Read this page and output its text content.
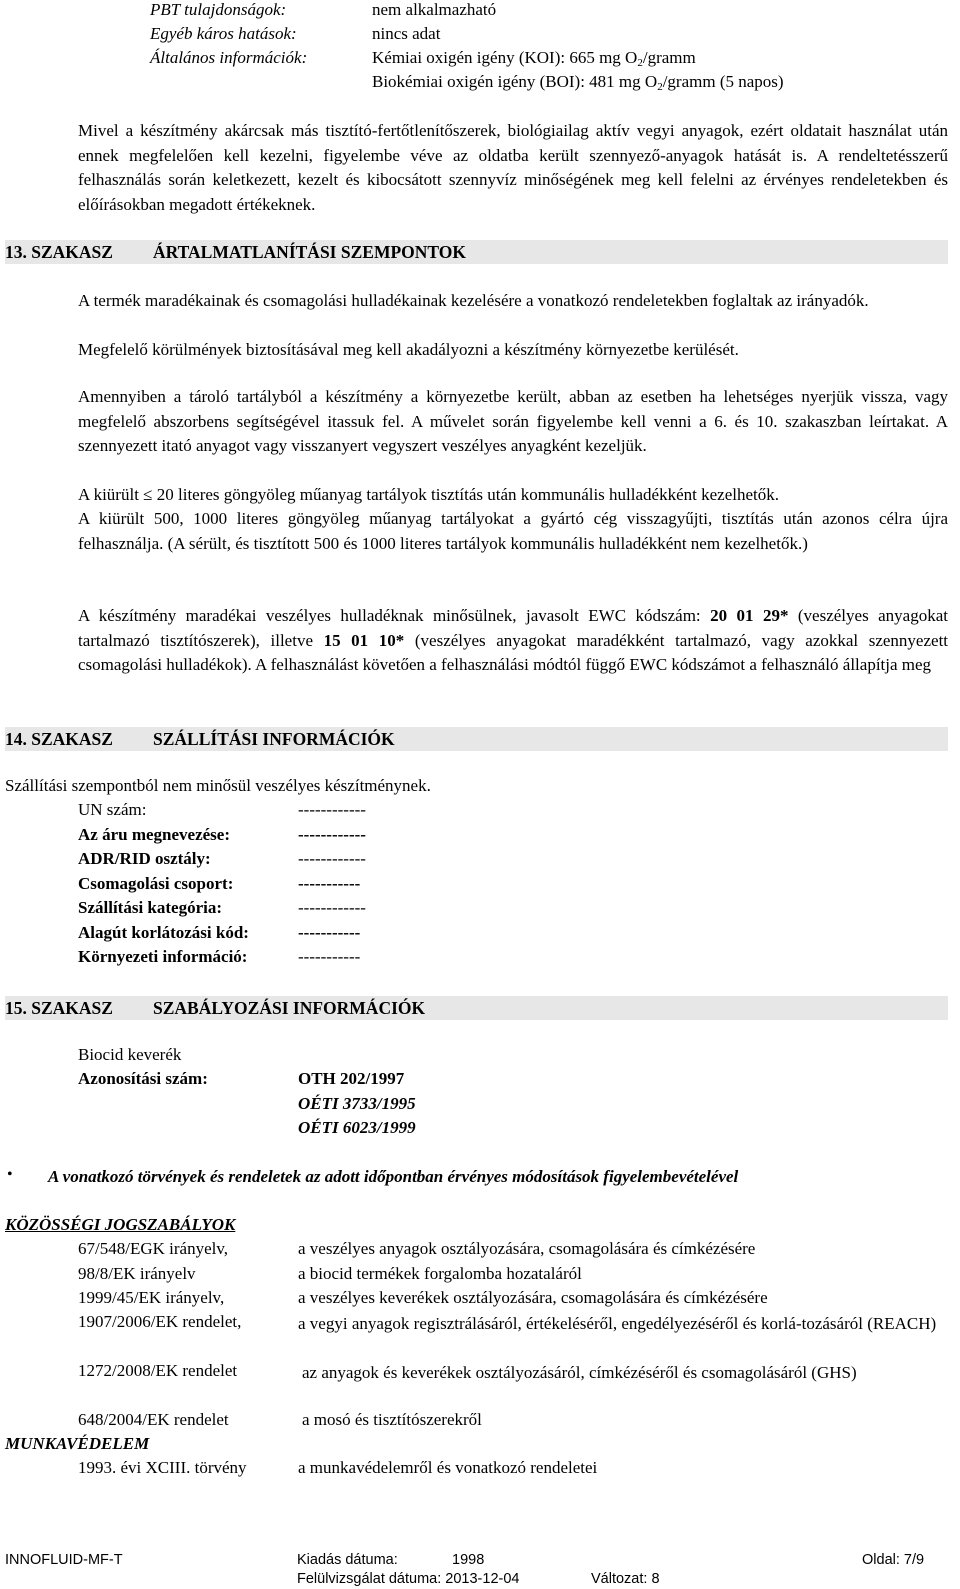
PBT tulajdonságok:	nem alkalmazható
Egyéb káros hatások:	nincs adat
Általános információk:	Kémiai oxigén igény (KOI): 665 mg $O_2$/gramm
Biokémiai oxigén igény (BOI): 481 mg $O_2$/gramm (5 napos)
Mivel a készítmény akárcsak más tisztító-fertőtlenítőszerek, biológiailag aktív vegyi anyagok, ezért oldatait használat után ennek megfelelően kell kezelni, figyelembe véve az oldatba került szennyező-anyagok hatását is. A rendeltetésszerű felhasználás során keletkezett, kezelt és kibocsátott szennyvíz minőségének meg kell felelni az érvényes rendeletekben és előírásokban megadott értékeknek.
13. SZAKASZ ÁRTALMATLANÍTÁSI SZEMPONTOK
A termék maradékainak és csomagolási hulladékainak kezelésére a vonatkozó rendeletekben foglaltak az irányadók.
Megfelelő körülmények biztosításával meg kell akadályozni a készítmény környezetbe kerülését.
Amennyiben a tároló tartályból a készítmény a környezetbe került, abban az esetben ha lehetséges nyerjük vissza, vagy megfelelő abszorbens segítségével itassuk fel. A művelet során figyelembe kell venni a 6. és 10. szakaszban leírtakat. A szennyezett itató anyagot vagy visszanyert vegyszert veszélyes anyagként kezeljük.
A kiürült ≤ 20 literes göngyöleg műanyag tartályok tisztítás után kommunális hulladékként kezelhetők.
A kiürült 500, 1000 literes göngyöleg műanyag tartályokat a gyártó cég visszagyűjti, tisztítás után azonos célra újra felhasználja. (A sérült, és tisztított 500 és 1000 literes tartályok kommunális hulladékként nem kezelhetők.)
A készítmény maradékai veszélyes hulladéknak minősülnek, javasolt EWC kódszám: 20 01 29* (veszélyes anyagokat tartalmazó tisztítószerek), illetve 15 01 10* (veszélyes anyagokat maradékként tartalmazó, vagy azokkal szennyezett csomagolási hulladékok). A felhasználást követően a felhasználási módtól függő EWC kódszámot a felhasználó állapítja meg
14. SZAKASZ SZÁLLÍTÁSI INFORMÁCIÓK
Szállítási szempontból nem minősül veszélyes készítménynek.
UN szám:	------------
Az áru megnevezése:	------------
ADR/RID osztály:	------------
Csomagolási csoport:	-----------
Szállítási kategória:	------------
Alagút korlátozási kód:	-----------
Környezeti információ:	-----------
15. SZAKASZ SZABÁLYOZÁSI INFORMÁCIÓK
Biocid keverék
Azonosítási szám:	OTH 202/1997
OÉTI 3733/1995
OÉTI 6023/1999
• A vonatkozó törvények és rendeletek az adott időpontban érvényes módosítások figyelembevételével
KÖZÖSSÉGI JOGSZABÁLYOK
67/548/EGK irányelv,	a veszélyes anyagok osztályozására, csomagolására és címkézésére
98/8/EK irányelv	a biocid termékek forgalomba hozataláról
1999/45/EK irányelv,	a veszélyes keverékek osztályozására, csomagolására és címkézésére
1907/2006/EK rendelet,	a vegyi anyagok regisztrálásáról, értékeléséről, engedélyezéséről és korlá-tozásáról (REACH)
1272/2008/EK rendelet	az anyagok és keverékek osztályozásáról, címkézéséről és csomagolásáról (GHS)
648/2004/EK rendelet	a mosó és tisztítószerekről
MUNKAVÉDELEM
1993. évi XCIII. törvény	a munkavédelemről és vonatkozó rendeletei
INNOFLUID-MF-T	Kiadás dátuma:	1998	Oldal: 7/9
Felülvizsgálat dátuma: 2013-12-04	Változat: 8
